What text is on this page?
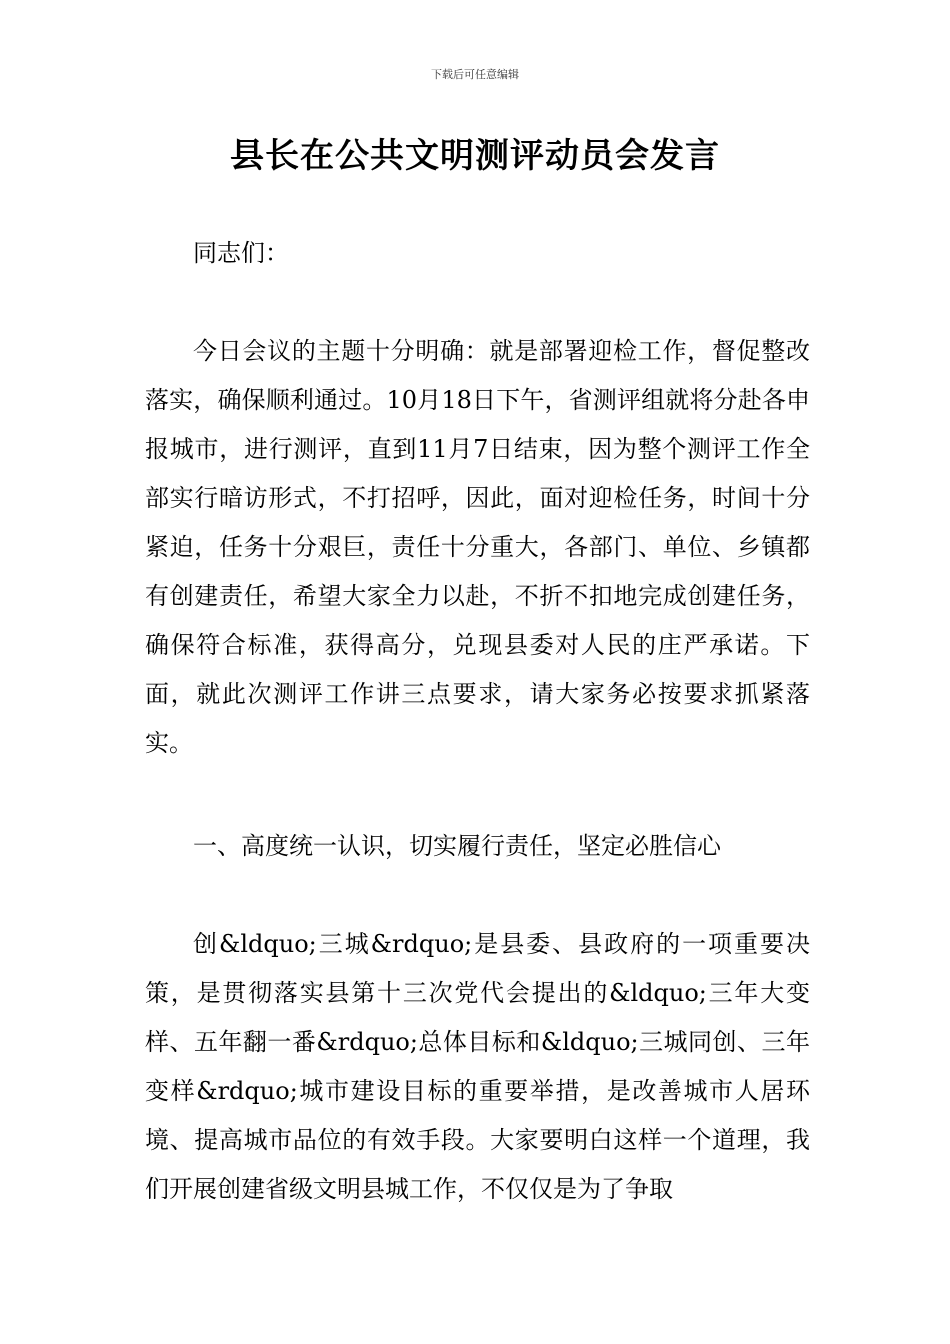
下载后可任意编辑
县长在公共文明测评动员会发言

同志们：

今日会议的主题十分明确：就是部署迎检工作，督促整改落实，确保顺利通过。10月18日下午，省测评组就将分赴各申报城市，进行测评，直到11月7日结束，因为整个测评工作全部实行暗访形式，不打招呼，因此，面对迎检任务，时间十分紧迫，任务十分艰巨，责任十分重大，各部门、单位、乡镇都有创建责任，希望大家全力以赴，不折不扣地完成创建任务，确保符合标准，获得高分，兑现县委对人民的庄严承诺。下面，就此次测评工作讲三点要求，请大家务必按要求抓紧落实。

一、高度统一认识，切实履行责任，坚定必胜信心

创&ldquo;三城&rdquo;是县委、县政府的一项重要决策，是贯彻落实县第十三次党代会提出的&ldquo;三年大变样、五年翻一番&rdquo;总体目标和&ldquo;三城同创、三年变样&rdquo;城市建设目标的重要举措，是改善城市人居环境、提高城市品位的有效手段。大家要明白这样一个道理，我们开展创建省级文明县城工作，不仅仅是为了争取
